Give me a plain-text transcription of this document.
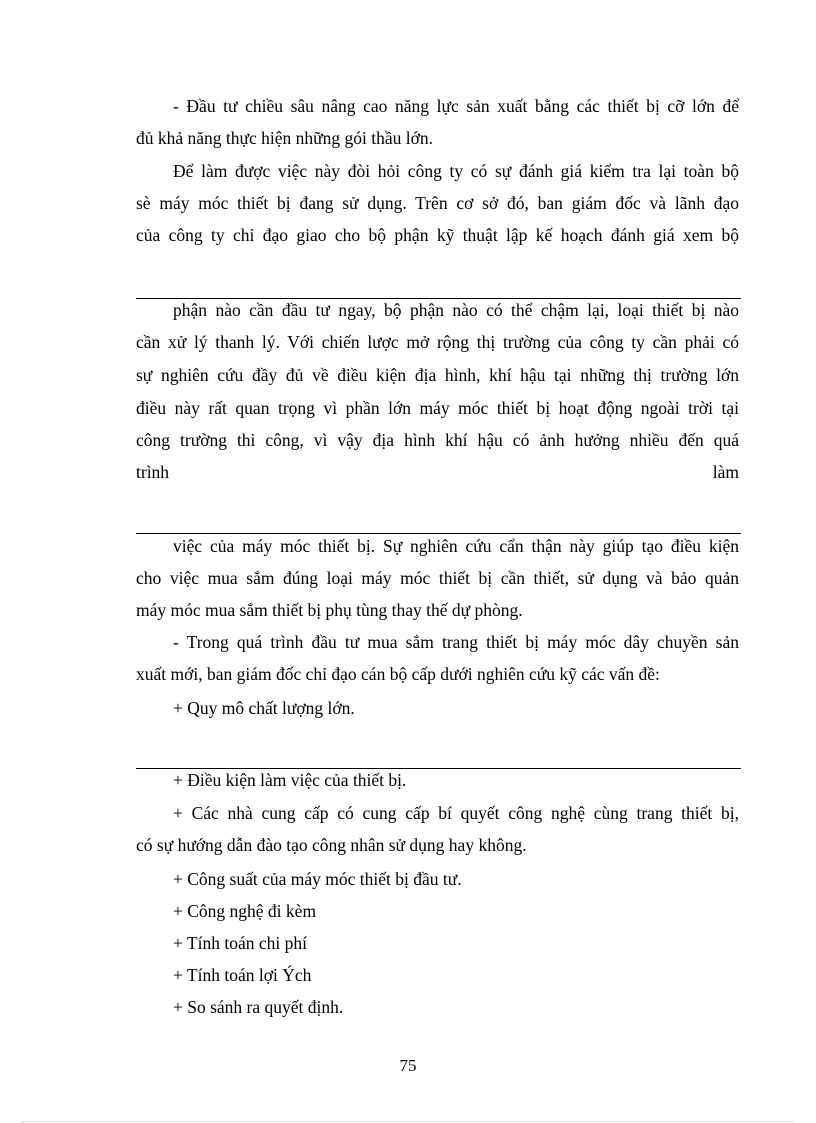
- Đầu tư chiều sâu nâng cao năng lực sản xuất bằng các thiết bị cỡ lớn để
đủ khả năng thực hiện những gói thầu lớn.
Để làm được việc này đòi hỏi công ty có sự đánh giá kiểm tra lại toàn bộ
sè máy móc thiết bị đang sử dụng. Trên cơ sở đó, ban giám đốc và lãnh đạo
của công ty chỉ đạo giao cho bộ phận kỹ thuật lập kế hoạch đánh giá xem bộ
phận nào cần đầu tư ngay, bộ phận nào có thể chậm lại, loại thiết bị nào
cần xử lý thanh lý. Với chiến lược mở rộng thị trường của công ty cần phải có
sự nghiên cứu đầy đủ về điều kiện địa hình, khí hậu tại những thị trường lớn
điều này rất quan trọng vì phần lớn máy móc thiết bị hoạt động ngoài trời tại
công trường thi công, vì vậy địa hình khí hậu có ảnh hưởng nhiều đến quá
trình làm
việc của máy móc thiết bị. Sự nghiên cứu cẩn thận này giúp tạo điều kiện
cho việc mua sắm đúng loại máy móc thiết bị cần thiết, sử dụng và bảo quản
máy móc mua sắm thiết bị phụ tùng thay thế dự phòng.
- Trong quá trình đầu tư mua sắm trang thiết bị máy móc dây chuyền sản
xuất mới, ban giám đốc chỉ đạo cán bộ cấp dưới nghiên cứu kỹ các vấn đề:
+ Quy mô chất lượng lớn.
+ Điều kiện làm việc của thiết bị.
+ Các nhà cung cấp có cung cấp bí quyết công nghệ cùng trang thiết bị,
có sự hướng dẫn đào tạo công nhân sử dụng hay không.
+ Công suất của máy móc thiết bị đầu tư.
+ Công nghệ đi kèm
+ Tính toán chi phí
+ Tính toán lợi Ých
+ So sánh ra quyết định.
75
